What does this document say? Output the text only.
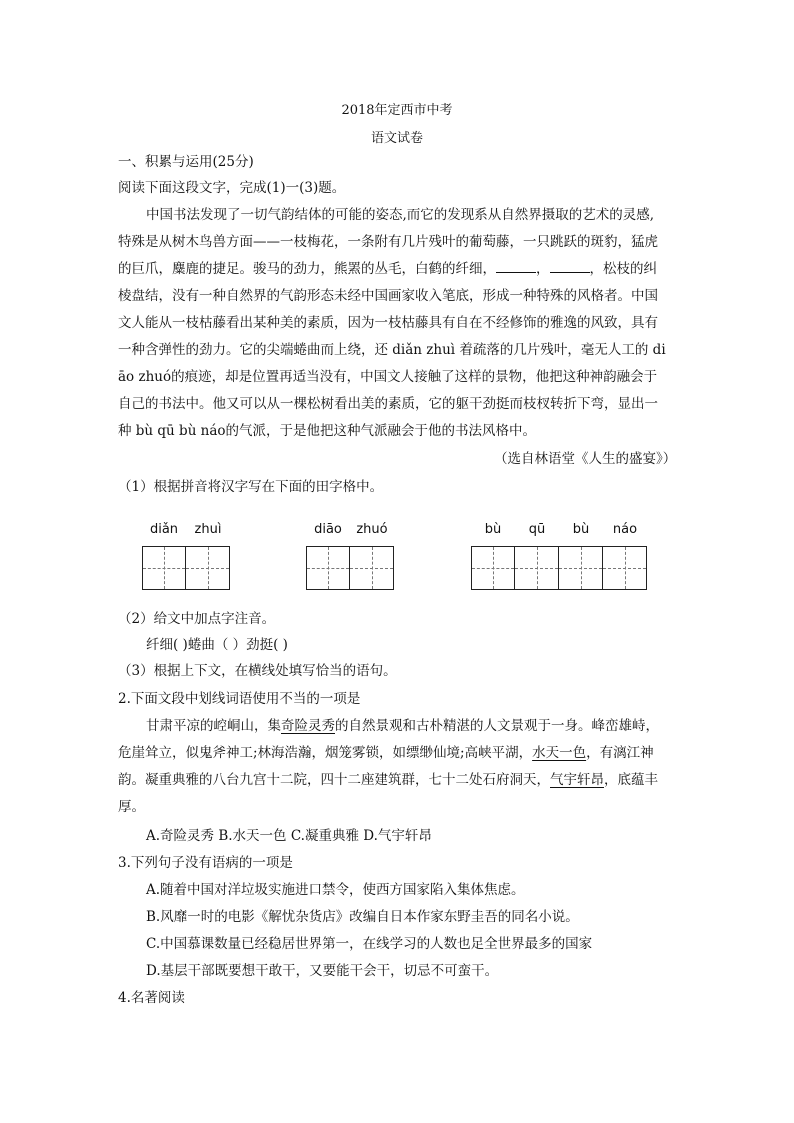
2018年定西市中考
语文试卷
一、积累与运用(25分)
阅读下面这段文字，完成(1)一(3)题。
中国书法发现了一切气韵结体的可能的姿态,而它的发现系从自然界摄取的艺术的灵感,
特殊是从树木鸟兽方面——一枝梅花，一条附有几片残叶的葡萄藤，一只跳跃的斑豹，猛虎
的巨爪，麋鹿的捷足。骏马的劲力，熊罴的丛毛，白鹤的纤细，	，	，松枝的纠
棱盘结，没有一种自然界的气韵形态未经中国画家收入笔底，形成一种特殊的风格者。中国
文人能从一枝枯藤看出某种美的素质，因为一枝枯藤具有自在不经修饰的雅逸的风致，具有
一种含弹性的劲力。它的尖端蜷曲而上绕，还 diǎn zhuì 着疏落的几片残叶，毫无人工的 di
āo zhuó的痕迹，却是位置再适当没有，中国文人接触了这样的景物，他把这种神韵融会于
自己的书法中。他又可以从一棵松树看出美的素质，它的躯干劲挺而枝杈转折下弯，显出一
种 bù qū bù náo的气派，于是他把这种气派融会于他的书法风格中。
（选自林语堂《人生的盛宴》）
（1）根据拼音将汉字写在下面的田字格中。
diǎn	zhuì	diāo	zhuó	bù	qū	bù	náo
（2）给文中加点字注音。
纤细( )蜷曲（ ）劲挺( )
（3）根据上下文，在横线处填写恰当的语句。
2.下面文段中划线词语使用不当的一项是
甘肃平凉的崆峒山，集奇险灵秀的自然景观和古朴精湛的人文景观于一身。峰峦雄峙，
危崖耸立，似鬼斧神工;林海浩瀚，烟笼雾锁，如缥缈仙境;高峡平湖，水天一色，有漓江神
韵。凝重典雅的八台九宫十二院，四十二座建筑群，七十二处石府洞天，气宇轩昂，底蕴丰
厚。
A.奇险灵秀 B.水天一色 C.凝重典雅 D.气宇轩昂
3.下列句子没有语病的一项是
A.随着中国对洋垃圾实施进口禁令，使西方国家陷入集体焦虑。
B.风靡一时的电影《解忧杂货店》改编自日本作家东野圭吾的同名小说。
C.中国慕课数量已经稳居世界第一，在线学习的人数也足全世界最多的国家
D.基层干部既要想干敢干，又要能干会干，切忌不可蛮干。
4.名著阅读
